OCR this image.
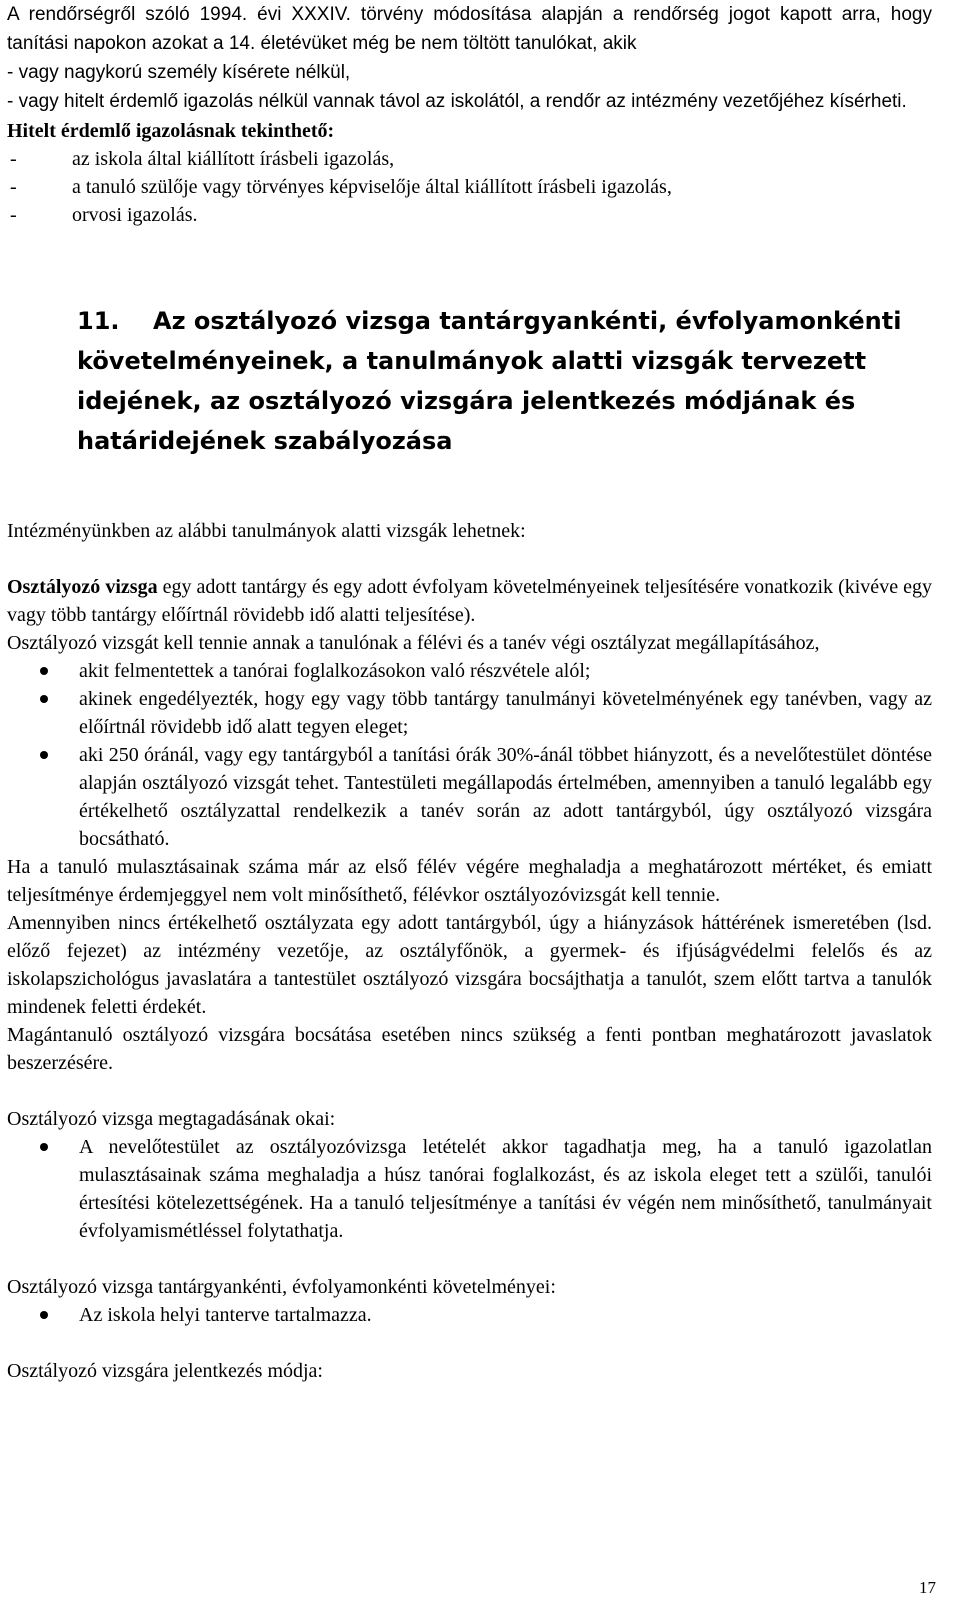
A rendőrségről szóló 1994. évi XXXIV. törvény módosítása alapján a rendőrség jogot kapott arra, hogy tanítási napokon azokat a 14. életévüket még be nem töltött tanulókat, akik

- vagy nagykorú személy kísérete nélkül,

- vagy hitelt érdemlő igazolás nélkül vannak távol az iskolától, a rendőr az intézmény vezetőjéhez kísérheti.

Hitelt érdemlő igazolásnak tekinthető:

-	az iskola által kiállított írásbeli igazolás,
-	a tanuló szülője vagy törvényes képviselője által kiállított írásbeli igazolás,
-	orvosi igazolás.
11.	Az osztályozó vizsga tantárgyankénti, évfolyamonkénti követelményeinek, a tanulmányok alatti vizsgák tervezett idejének, az osztályozó vizsgára jelentkezés módjának és határidejének szabályozása

Intézményünkben az alábbi tanulmányok alatti vizsgák lehetnek:

Osztályozó vizsga egy adott tantárgy és egy adott évfolyam követelményeinek teljesítésére vonatkozik (kivéve egy vagy több tantárgy előírtnál rövidebb idő alatti teljesítése).

Osztályozó vizsgát kell tennie annak a tanulónak a félévi és a tanév végi osztályzat megállapításához,

akit felmentettek a tanórai foglalkozásokon való részvétele alól;
akinek engedélyezték, hogy egy vagy több tantárgy tanulmányi követelményének egy tanévben, vagy az előírtnál rövidebb idő alatt tegyen eleget;
aki 250 óránál, vagy egy tantárgyból a tanítási órák 30%-ánál többet hiányzott, és a nevelőtestület döntése alapján osztályozó vizsgát tehet. Tantestületi megállapodás értelmében, amennyiben a tanuló legalább egy értékelhető osztályzattal rendelkezik a tanév során az adott tantárgyból, úgy osztályozó vizsgára bocsátható.

Ha a tanuló mulasztásainak száma már az első félév végére meghaladja a meghatározott mértéket, és emiatt teljesítménye érdemjeggyel nem volt minősíthető, félévkor osztályozóvizsgát kell tennie.

Amennyiben nincs értékelhető osztályzata egy adott tantárgyból, úgy a hiányzások háttérének ismeretében (lsd. előző fejezet) az intézmény vezetője, az osztályfőnök, a gyermek- és ifjúságvédelmi felelős és az iskolapszichológus javaslatára a tantestület osztályozó vizsgára bocsájthatja a tanulót, szem előtt tartva a tanulók mindenek feletti érdekét.

Magántanuló osztályozó vizsgára bocsátása esetében nincs szükség a fenti pontban meghatározott javaslatok beszerzésére.

Osztályozó vizsga megtagadásának okai:

A nevelőtestület az osztályozóvizsga letételét akkor tagadhatja meg, ha a tanuló igazolatlan mulasztásainak száma meghaladja a húsz tanórai foglalkozást, és az iskola eleget tett a szülői, tanulói értesítési kötelezettségének. Ha a tanuló teljesítménye a tanítási év végén nem minősíthető, tanulmányait évfolyamismétléssel folytathatja.

Osztályozó vizsga tantárgyankénti, évfolyamonkénti követelményei:

Az iskola helyi tanterve tartalmazza.

Osztályozó vizsgára jelentkezés módja:

17
